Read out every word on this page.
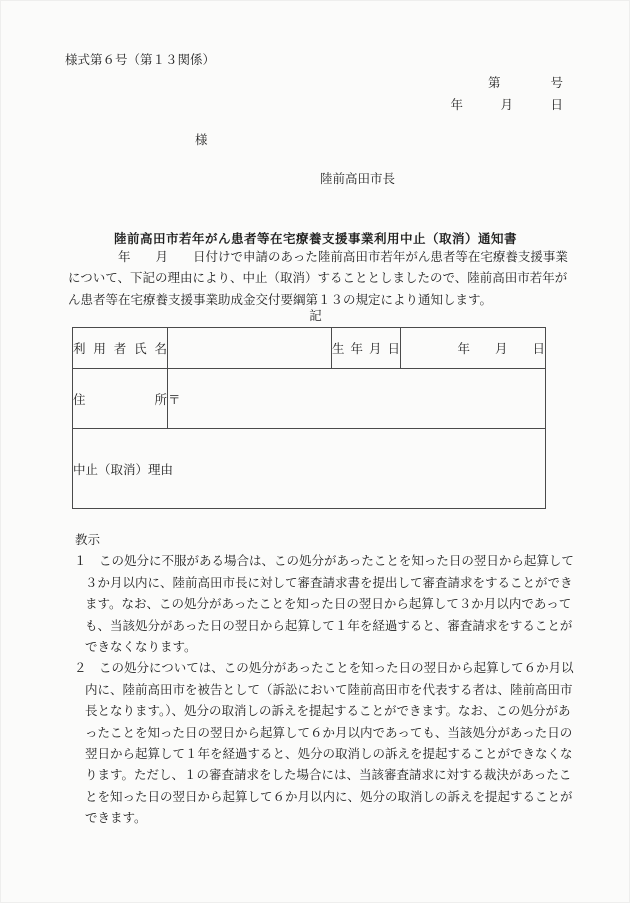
様式第６号（第１３関係）
第　　　　号
年　　　月　　　日
様
陸前高田市長
陸前高田市若年がん患者等在宅療養支援事業利用中止（取消）通知書
　　　　年　　月　　日付けで申請のあった陸前高田市若年がん患者等在宅療養支援事業
について、下記の理由により、中止（取消）することとしましたので、陸前高田市若年が
ん患者等在宅療養支援事業助成金交付要綱第１３の規定により通知します。
記
利用者氏名		生年月日	年　　月　　日
住所	〒		
中止（取消）理由			
教示
１　この処分に不服がある場合は、この処分があったことを知った日の翌日から起算して
３か月以内に、陸前高田市長に対して審査請求書を提出して審査請求をすることができ
ます。なお、この処分があったことを知った日の翌日から起算して３か月以内であって
も、当該処分があった日の翌日から起算して１年を経過すると、審査請求をすることが
できなくなります。
２　この処分については、この処分があったことを知った日の翌日から起算して６か月以
内に、陸前高田市を被告として（訴訟において陸前高田市を代表する者は、陸前高田市
長となります。）、処分の取消しの訴えを提起することができます。なお、この処分があ
ったことを知った日の翌日から起算して６か月以内であっても、当該処分があった日の
翌日から起算して１年を経過すると、処分の取消しの訴えを提起することができなくな
ります。ただし、１の審査請求をした場合には、当該審査請求に対する裁決があったこ
とを知った日の翌日から起算して６か月以内に、処分の取消しの訴えを提起することが
できます。
